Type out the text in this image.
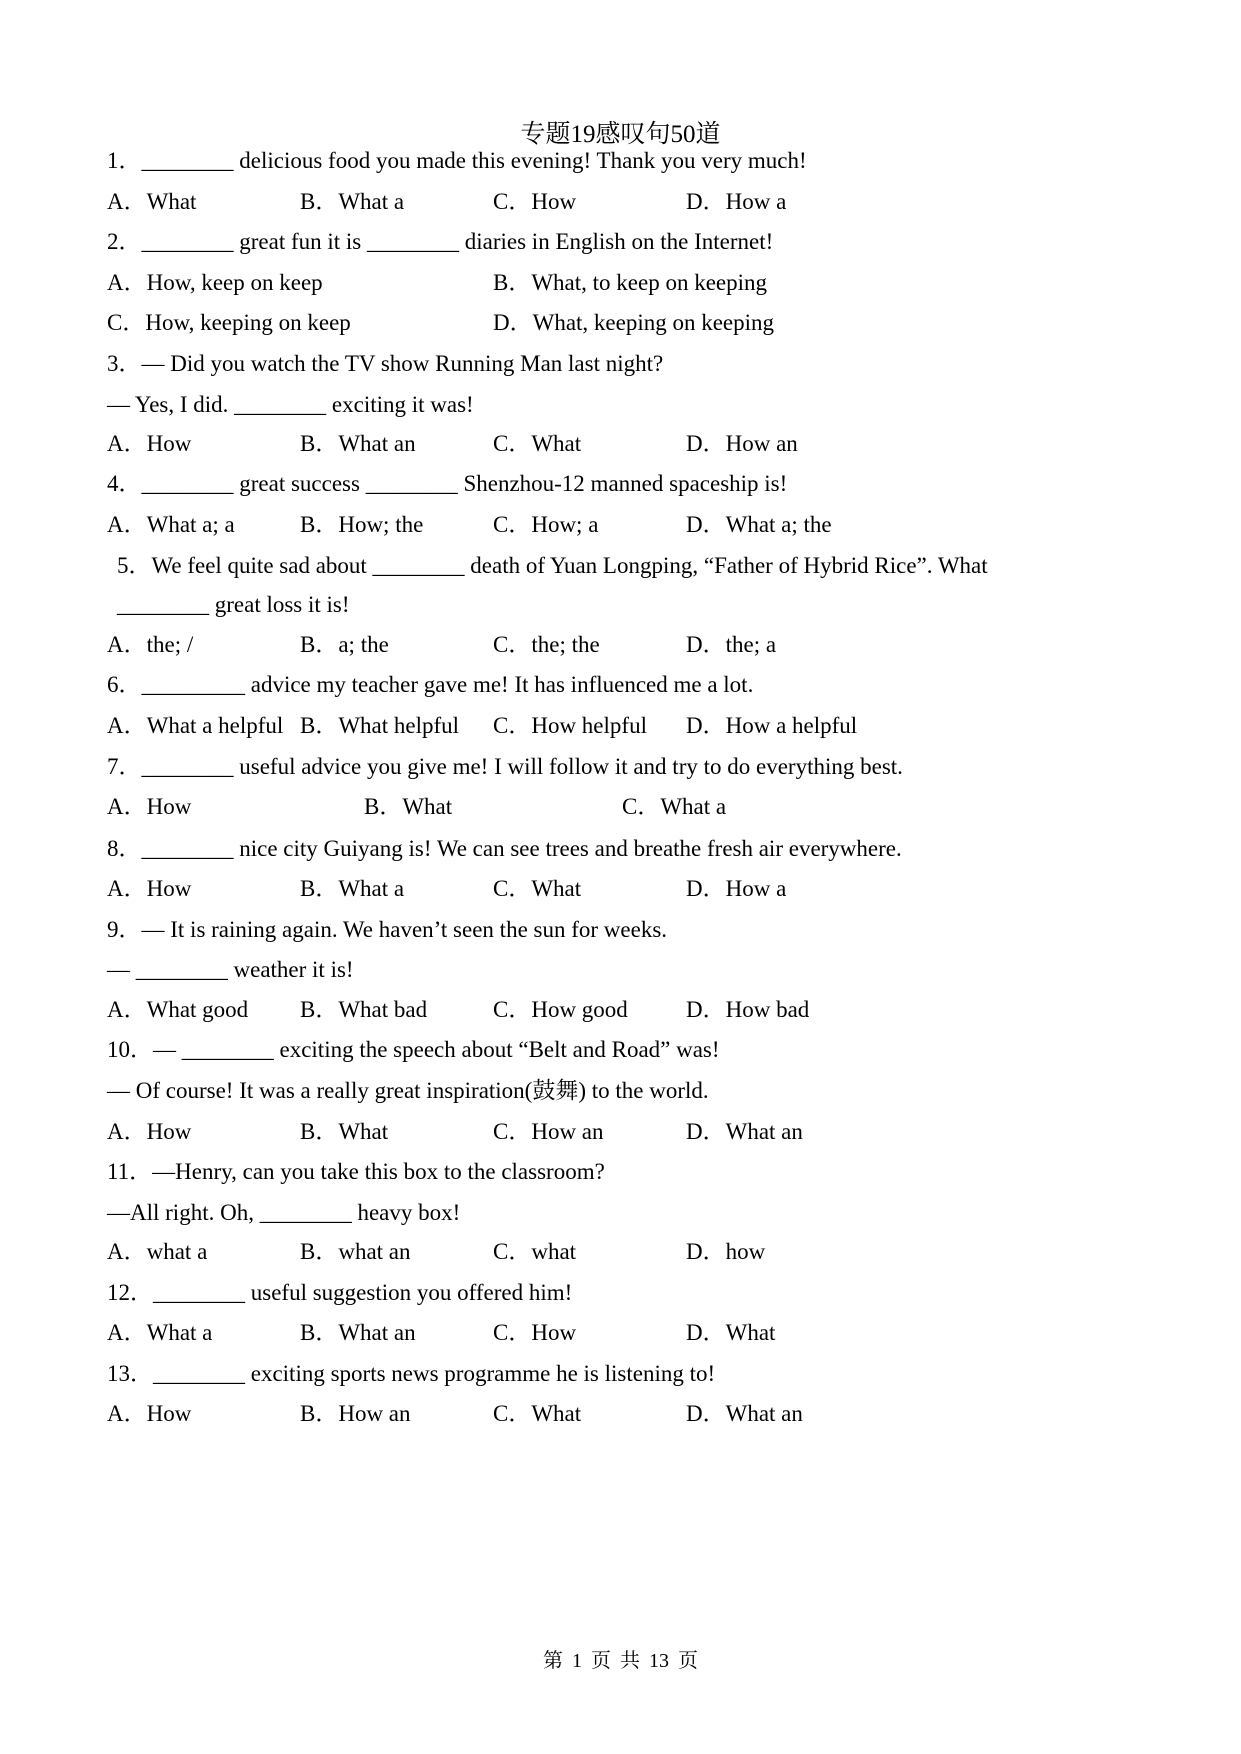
专题19感叹句50道
1．________ delicious food you made this evening! Thank you very much!
A．What	B．What a	C．How	D．How a
2．________ great fun it is ________ diaries in English on the Internet!
A．How, keep on keep	B．What, to keep on keeping
C．How, keeping on keep	D．What, keeping on keeping
3．— Did you watch the TV show Running Man last night?
— Yes, I did. ________ exciting it was!
A．How	B．What an	C．What	D．How an
4．________ great success ________ Shenzhou-12 manned spaceship is!
A．What a; a	B．How; the	C．How; a	D．What a; the
5．We feel quite sad about ________ death of Yuan Longping, “Father of Hybrid Rice”. What
________ great loss it is!
A．the; /	B．a; the	C．the; the	D．the; a
6．_________ advice my teacher gave me! It has influenced me a lot.
A．What a helpful B．What helpful C．How helpful D．How a helpful
7．________ useful advice you give me! I will follow it and try to do everything best.
A．How	B．What	C．What a
8．________ nice city Guiyang is! We can see trees and breathe fresh air everywhere.
A．How	B．What a	C．What	D．How a
9．— It is raining again. We haven’t seen the sun for weeks.
— ________ weather it is!
A．What good B．What bad	C．How good	D．How bad
10．— ________ exciting the speech about “Belt and Road” was!
— Of course! It was a really great inspiration(鼓舞) to the world.
A．How	B．What	C．How an	D．What an
11．—Henry, can you take this box to the classroom?
—All right. Oh, ________ heavy box!
A．what a	B．what an	C．what	D．how
12．________ useful suggestion you offered him!
A．What a	B．What an	C．How	D．What
13．________ exciting sports news programme he is listening to!
A．How	B．How an	C．What	D．What an
第 1 页 共 13 页
